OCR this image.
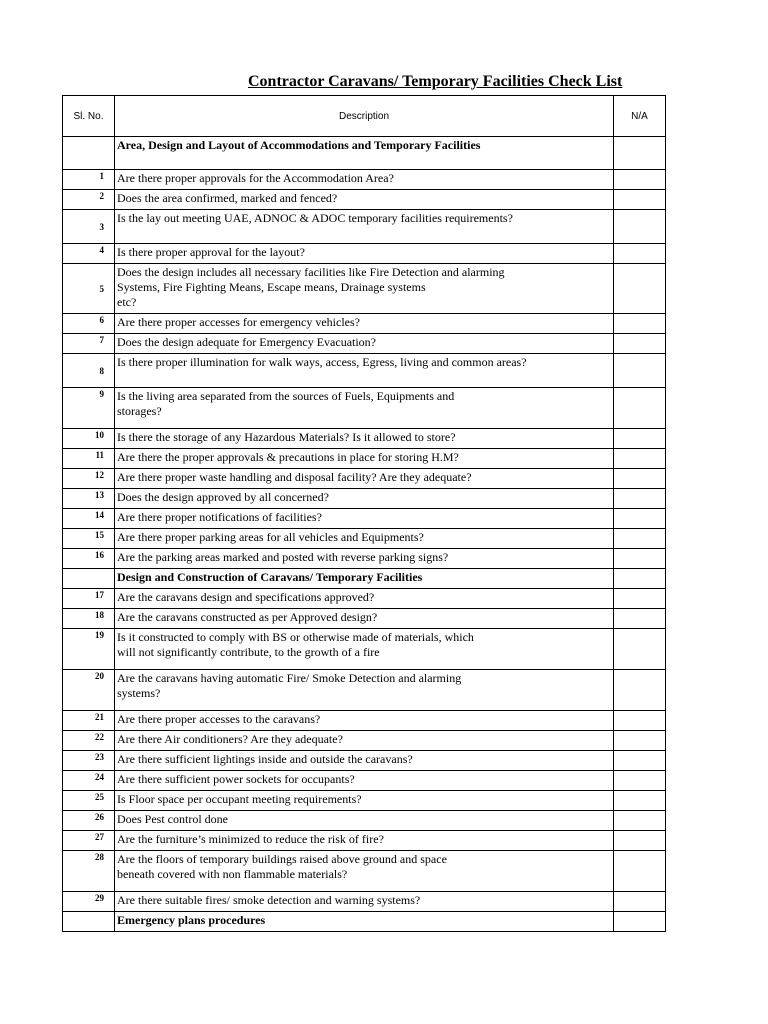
Contractor Caravans/ Temporary Facilities Check List
Sl. No.	Description	N/A
	Area, Design and Layout of Accommodations and Temporary Facilities	
1	Are there proper approvals for the Accommodation Area?	
2	Does the area confirmed, marked and fenced?	
3	Is the lay out meeting UAE, ADNOC & ADOC temporary facilities requirements?	
4	Is there proper approval for the layout?	
5	Does the design includes all necessary facilities like Fire Detection and alarming
Systems, Fire Fighting Means, Escape means, Drainage systems
etc?	
6	Are there proper accesses for emergency vehicles?	
7	Does the design adequate for Emergency Evacuation?	
8	Is there proper illumination for walk ways, access, Egress, living and common areas?	
9	Is the living area separated from the sources of Fuels, Equipments and
storages?	
10	Is there the storage of any Hazardous Materials? Is it allowed to store?	
11	Are there the proper approvals & precautions in place for storing H.M?	
12	Are there proper waste handling and disposal facility? Are they adequate?	
13	Does the design approved by all concerned?	
14	Are there proper notifications of facilities?	
15	Are there proper parking areas for all vehicles and Equipments?	
16	Are the parking areas marked and posted with reverse parking signs?	
	Design and Construction of Caravans/ Temporary Facilities	
17	Are the caravans design and specifications approved?	
18	Are the caravans constructed as per Approved design?	
19	Is it constructed to comply with BS or otherwise made of materials, which
will not significantly contribute, to the growth of a fire	
20	Are the caravans having automatic Fire/ Smoke Detection and alarming
systems?	
21	Are there proper accesses to the caravans?	
22	Are there Air conditioners? Are they adequate?	
23	Are there sufficient lightings inside and outside the caravans?	
24	Are there sufficient power sockets for occupants?	
25	Is Floor space per occupant meeting requirements?	
26	Does Pest control done	
27	Are the furniture’s minimized to reduce the risk of fire?	
28	Are the floors of temporary buildings raised above ground and space
beneath covered with non flammable materials?	
29	Are there suitable fires/ smoke detection and warning systems?	
	Emergency plans procedures	
